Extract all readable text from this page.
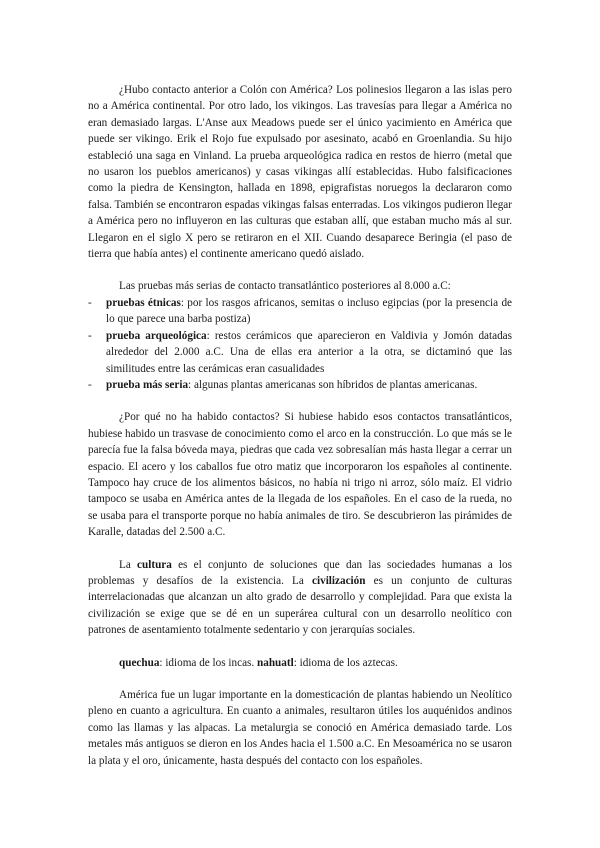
¿Hubo contacto anterior a Colón con América? Los polinesios llegaron a las islas pero no a América continental. Por otro lado, los vikingos. Las travesías para llegar a América no eran demasiado largas. L'Anse aux Meadows puede ser el único yacimiento en América que puede ser vikingo. Erik el Rojo fue expulsado por asesinato, acabó en Groenlandia. Su hijo estableció una saga en Vinland. La prueba arqueológica radica en restos de hierro (metal que no usaron los pueblos americanos) y casas vikingas allí establecidas. Hubo falsificaciones como la piedra de Kensington, hallada en 1898, epigrafistas noruegos la declararon como falsa. También se encontraron espadas vikingas falsas enterradas. Los vikingos pudieron llegar a América pero no influyeron en las culturas que estaban allí, que estaban mucho más al sur. Llegaron en el siglo X pero se retiraron en el XII. Cuando desaparece Beringia (el paso de tierra que había antes) el continente americano quedó aislado.

Las pruebas más serias de contacto transatlántico posteriores al 8.000 a.C:

- pruebas étnicas: por los rasgos africanos, semitas o incluso egipcias (por la presencia de lo que parece una barba postiza)
- prueba arqueológica: restos cerámicos que aparecieron en Valdivia y Jomón datadas alrededor del 2.000 a.C. Una de ellas era anterior a la otra, se dictaminó que las similitudes entre las cerámicas eran casualidades
- prueba más seria: algunas plantas americanas son híbridos de plantas americanas.

¿Por qué no ha habido contactos? Si hubiese habido esos contactos transatlánticos, hubiese habido un trasvase de conocimiento como el arco en la construcción. Lo que más se le parecía fue la falsa bóveda maya, piedras que cada vez sobresalían más hasta llegar a cerrar un espacio. El acero y los caballos fue otro matiz que incorporaron los españoles al continente. Tampoco hay cruce de los alimentos básicos, no había ni trigo ni arroz, sólo maíz. El vidrio tampoco se usaba en América antes de la llegada de los españoles. En el caso de la rueda, no se usaba para el transporte porque no había animales de tiro. Se descubrieron las pirámides de Karalle, datadas del 2.500 a.C.

La cultura es el conjunto de soluciones que dan las sociedades humanas a los problemas y desafíos de la existencia. La civilización es un conjunto de culturas interrelacionadas que alcanzan un alto grado de desarrollo y complejidad. Para que exista la civilización se exige que se dé en un superárea cultural con un desarrollo neolítico con patrones de asentamiento totalmente sedentario y con jerarquías sociales.

quechua: idioma de los incas. nahuatl: idioma de los aztecas.

América fue un lugar importante en la domesticación de plantas habiendo un Neolítico pleno en cuanto a agricultura. En cuanto a animales, resultaron útiles los auquénidos andinos como las llamas y las alpacas. La metalurgia se conoció en América demasiado tarde. Los metales más antiguos se dieron en los Andes hacia el 1.500 a.C. En Mesoamérica no se usaron la plata y el oro, únicamente, hasta después del contacto con los españoles.
